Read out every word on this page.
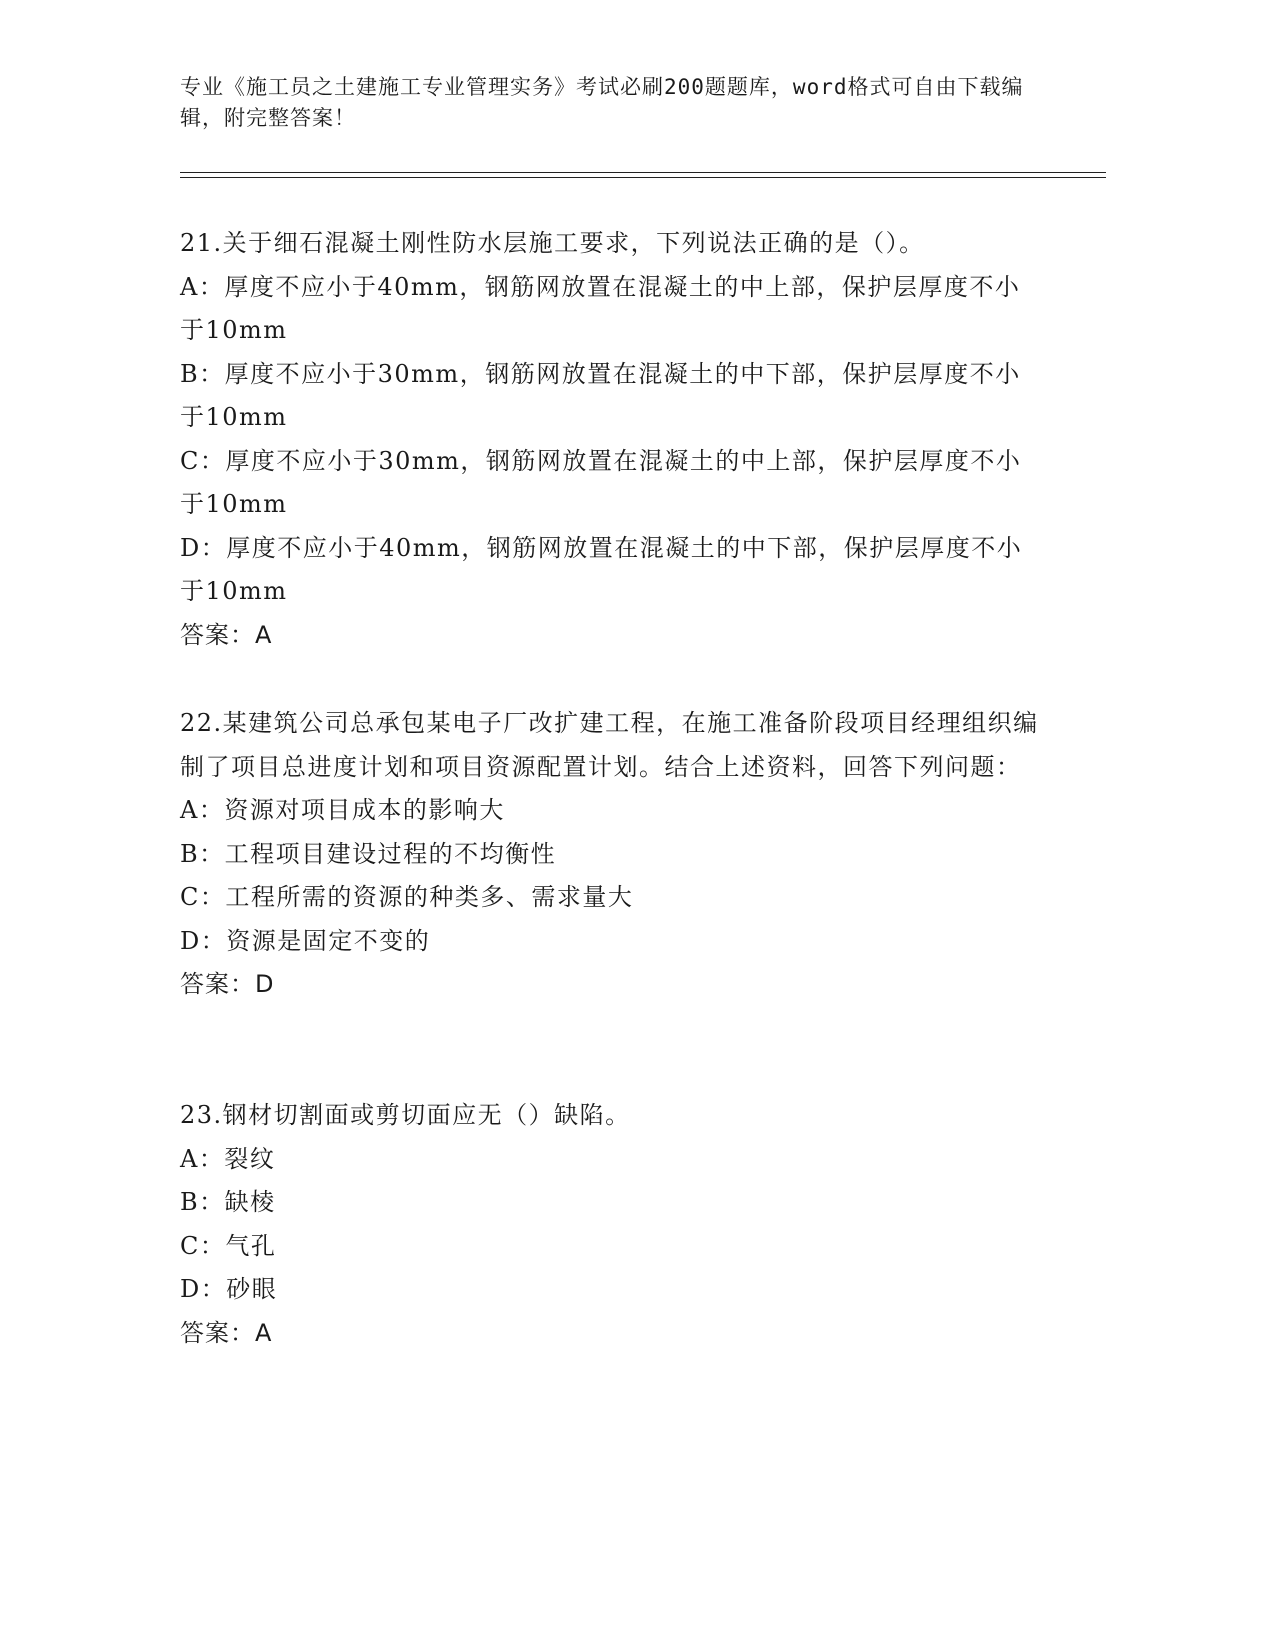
专业《施工员之土建施工专业管理实务》考试必刷200题题库，word格式可自由下载编辑，附完整答案！

21.关于细石混凝土刚性防水层施工要求，下列说法正确的是（）。

A：厚度不应小于40mm，钢筋网放置在混凝土的中上部，保护层厚度不小于10mm

B：厚度不应小于30mm，钢筋网放置在混凝土的中下部，保护层厚度不小于10mm

C：厚度不应小于30mm，钢筋网放置在混凝土的中上部，保护层厚度不小于10mm

D：厚度不应小于40mm，钢筋网放置在混凝土的中下部，保护层厚度不小于10mm

答案：A

22.某建筑公司总承包某电子厂改扩建工程，在施工准备阶段项目经理组织编制了项目总进度计划和项目资源配置计划。结合上述资料，回答下列问题：

A：资源对项目成本的影响大

B：工程项目建设过程的不均衡性

C：工程所需的资源的种类多、需求量大

D：资源是固定不变的

答案：D

23.钢材切割面或剪切面应无（）缺陷。

A：裂纹

B：缺棱

C：气孔

D：砂眼

答案：A
